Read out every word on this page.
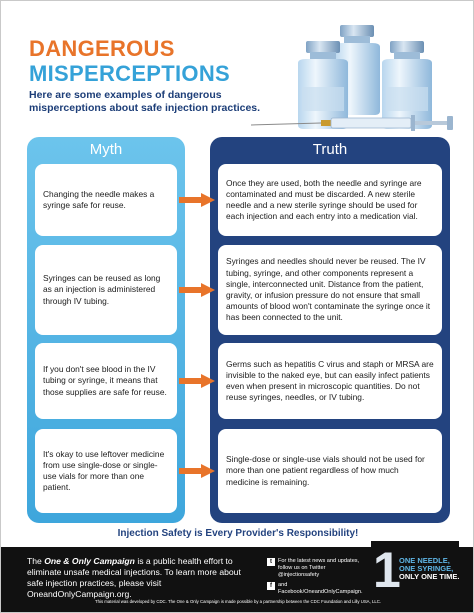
DANGEROUS
MISPERCEPTIONS
Here are some examples of dangerous misperceptions about safe injection practices.
Myth	Truth
Changing the needle makes a syringe safe for reuse.
Once they are used, both the needle and syringe are contaminated and must be discarded. A new sterile needle and a new sterile syringe should be used for each injection and each entry into a medication vial.
Syringes can be reused as long as an injection is administered through IV tubing.
Syringes and needles should never be reused. The IV tubing, syringe, and other components represent a single, interconnected unit. Distance from the patient, gravity, or infusion pressure do not ensure that small amounts of blood won't contaminate the syringe once it has been connected to the unit.
If you don't see blood in the IV tubing or syringe, it means that those supplies are safe for reuse.
Germs such as hepatitis C virus and staph or MRSA are invisible to the naked eye, but can easily infect patients even when present in microscopic quantities. Do not reuse syringes, needles, or IV tubing.
It's okay to use leftover medicine from use single-dose or single-use vials for more than one patient.
Single-dose or single-use vials should not be used for more than one patient regardless of how much medicine is remaining.
Injection Safety is Every Provider's Responsibility!
The One & Only Campaign is a public health effort to eliminate unsafe medical injections. To learn more about safe injection practices, please visit OneandOnlyCampaign.org.
t	For the latest news and updates, follow us on Twitter @injectionsafety
f	and Facebook/OneandOnlyCampaign. 1
ONE NEEDLE,
ONE SYRINGE,
ONLY ONE TIME.
This material was developed by CDC. The One & Only Campaign is made possible by a partnership between the CDC Foundation and Lilly USA, LLC.
